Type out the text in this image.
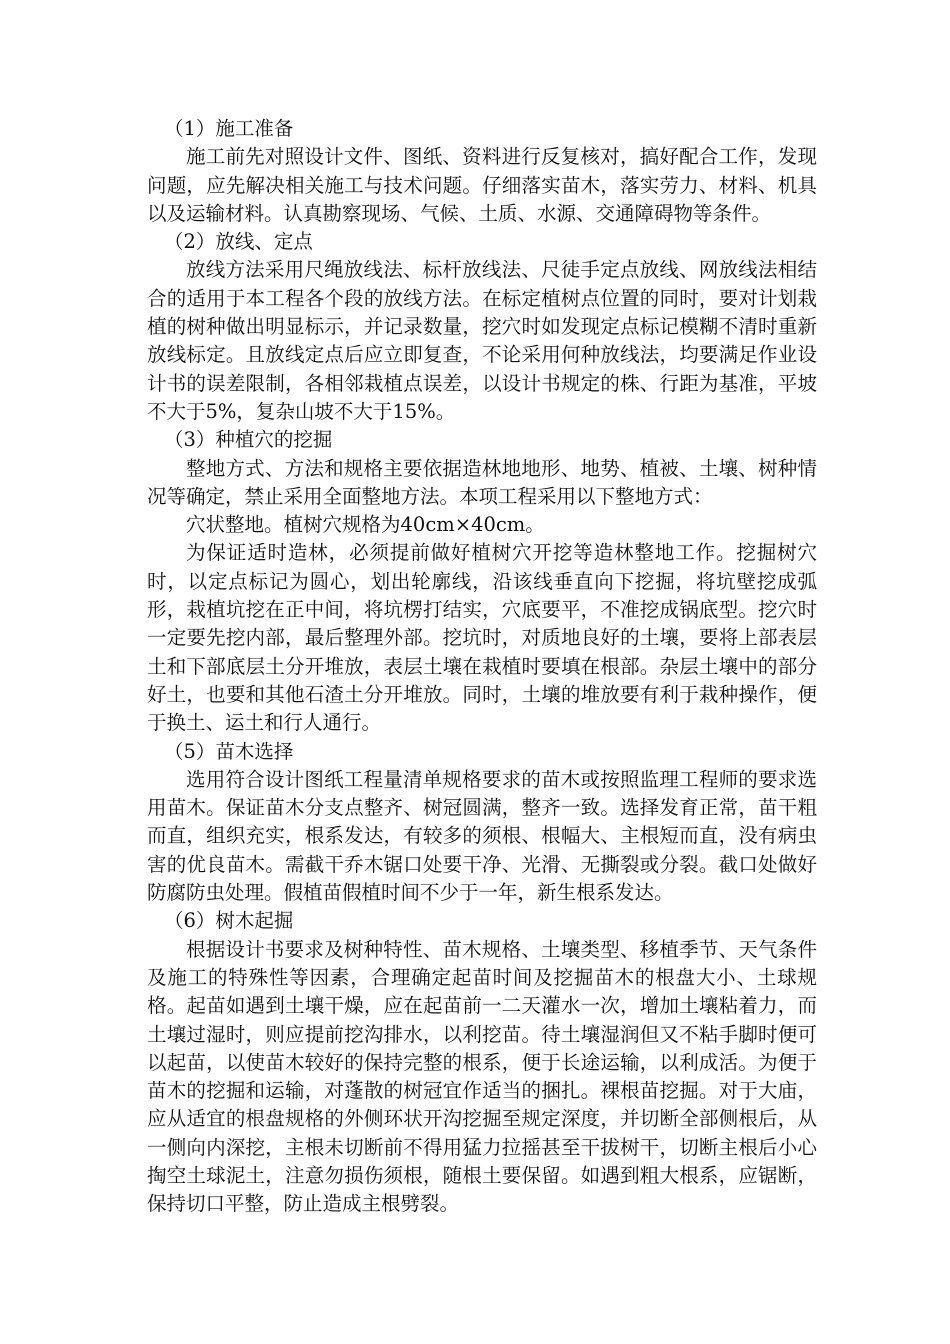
（1）施工准备

施工前先对照设计文件、图纸、资料进行反复核对，搞好配合工作，发现问题，应先解决相关施工与技术问题。仔细落实苗木，落实劳力、材料、机具以及运输材料。认真勘察现场、气候、土质、水源、交通障碍物等条件。

（2）放线、定点

放线方法采用尺绳放线法、标杆放线法、尺徒手定点放线、网放线法相结合的适用于本工程各个段的放线方法。在标定植树点位置的同时，要对计划栽植的树种做出明显标示，并记录数量，挖穴时如发现定点标记模糊不清时重新放线标定。且放线定点后应立即复查，不论采用何种放线法，均要满足作业设计书的误差限制，各相邻栽植点误差，以设计书规定的株、行距为基准，平坡不大于5%，复杂山坡不大于15%。

（3）种植穴的挖掘

整地方式、方法和规格主要依据造林地地形、地势、植被、土壤、树种情况等确定，禁止采用全面整地方法。本项工程采用以下整地方式：

穴状整地。植树穴规格为40cm×40cm。

为保证适时造林，必须提前做好植树穴开挖等造林整地工作。挖掘树穴时，以定点标记为圆心，划出轮廓线，沿该线垂直向下挖掘，将坑壁挖成弧形，栽植坑挖在正中间，将坑楞打结实，穴底要平，不准挖成锅底型。挖穴时一定要先挖内部，最后整理外部。挖坑时，对质地良好的土壤，要将上部表层土和下部底层土分开堆放，表层土壤在栽植时要填在根部。杂层土壤中的部分好土，也要和其他石渣土分开堆放。同时，土壤的堆放要有利于栽种操作，便于换土、运土和行人通行。

（5）苗木选择

选用符合设计图纸工程量清单规格要求的苗木或按照监理工程师的要求选用苗木。保证苗木分支点整齐、树冠圆满，整齐一致。选择发育正常，苗干粗而直，组织充实，根系发达，有较多的须根、根幅大、主根短而直，没有病虫害的优良苗木。需截干乔木锯口处要干净、光滑、无撕裂或分裂。截口处做好防腐防虫处理。假植苗假植时间不少于一年，新生根系发达。

（6）树木起掘

根据设计书要求及树种特性、苗木规格、土壤类型、移植季节、天气条件及施工的特殊性等因素，合理确定起苗时间及挖掘苗木的根盘大小、土球规格。起苗如遇到土壤干燥，应在起苗前一二天灌水一次，增加土壤粘着力，而土壤过湿时，则应提前挖沟排水，以利挖苗。待土壤湿润但又不粘手脚时便可以起苗，以使苗木较好的保持完整的根系，便于长途运输，以利成活。为便于苗木的挖掘和运输，对蓬散的树冠宜作适当的捆扎。裸根苗挖掘。对于大庙，应从适宜的根盘规格的外侧环状开沟挖掘至规定深度，并切断全部侧根后，从一侧向内深挖，主根未切断前不得用猛力拉摇甚至干拔树干，切断主根后小心掏空土球泥土，注意勿损伤须根，随根土要保留。如遇到粗大根系，应锯断，保持切口平整，防止造成主根劈裂。
